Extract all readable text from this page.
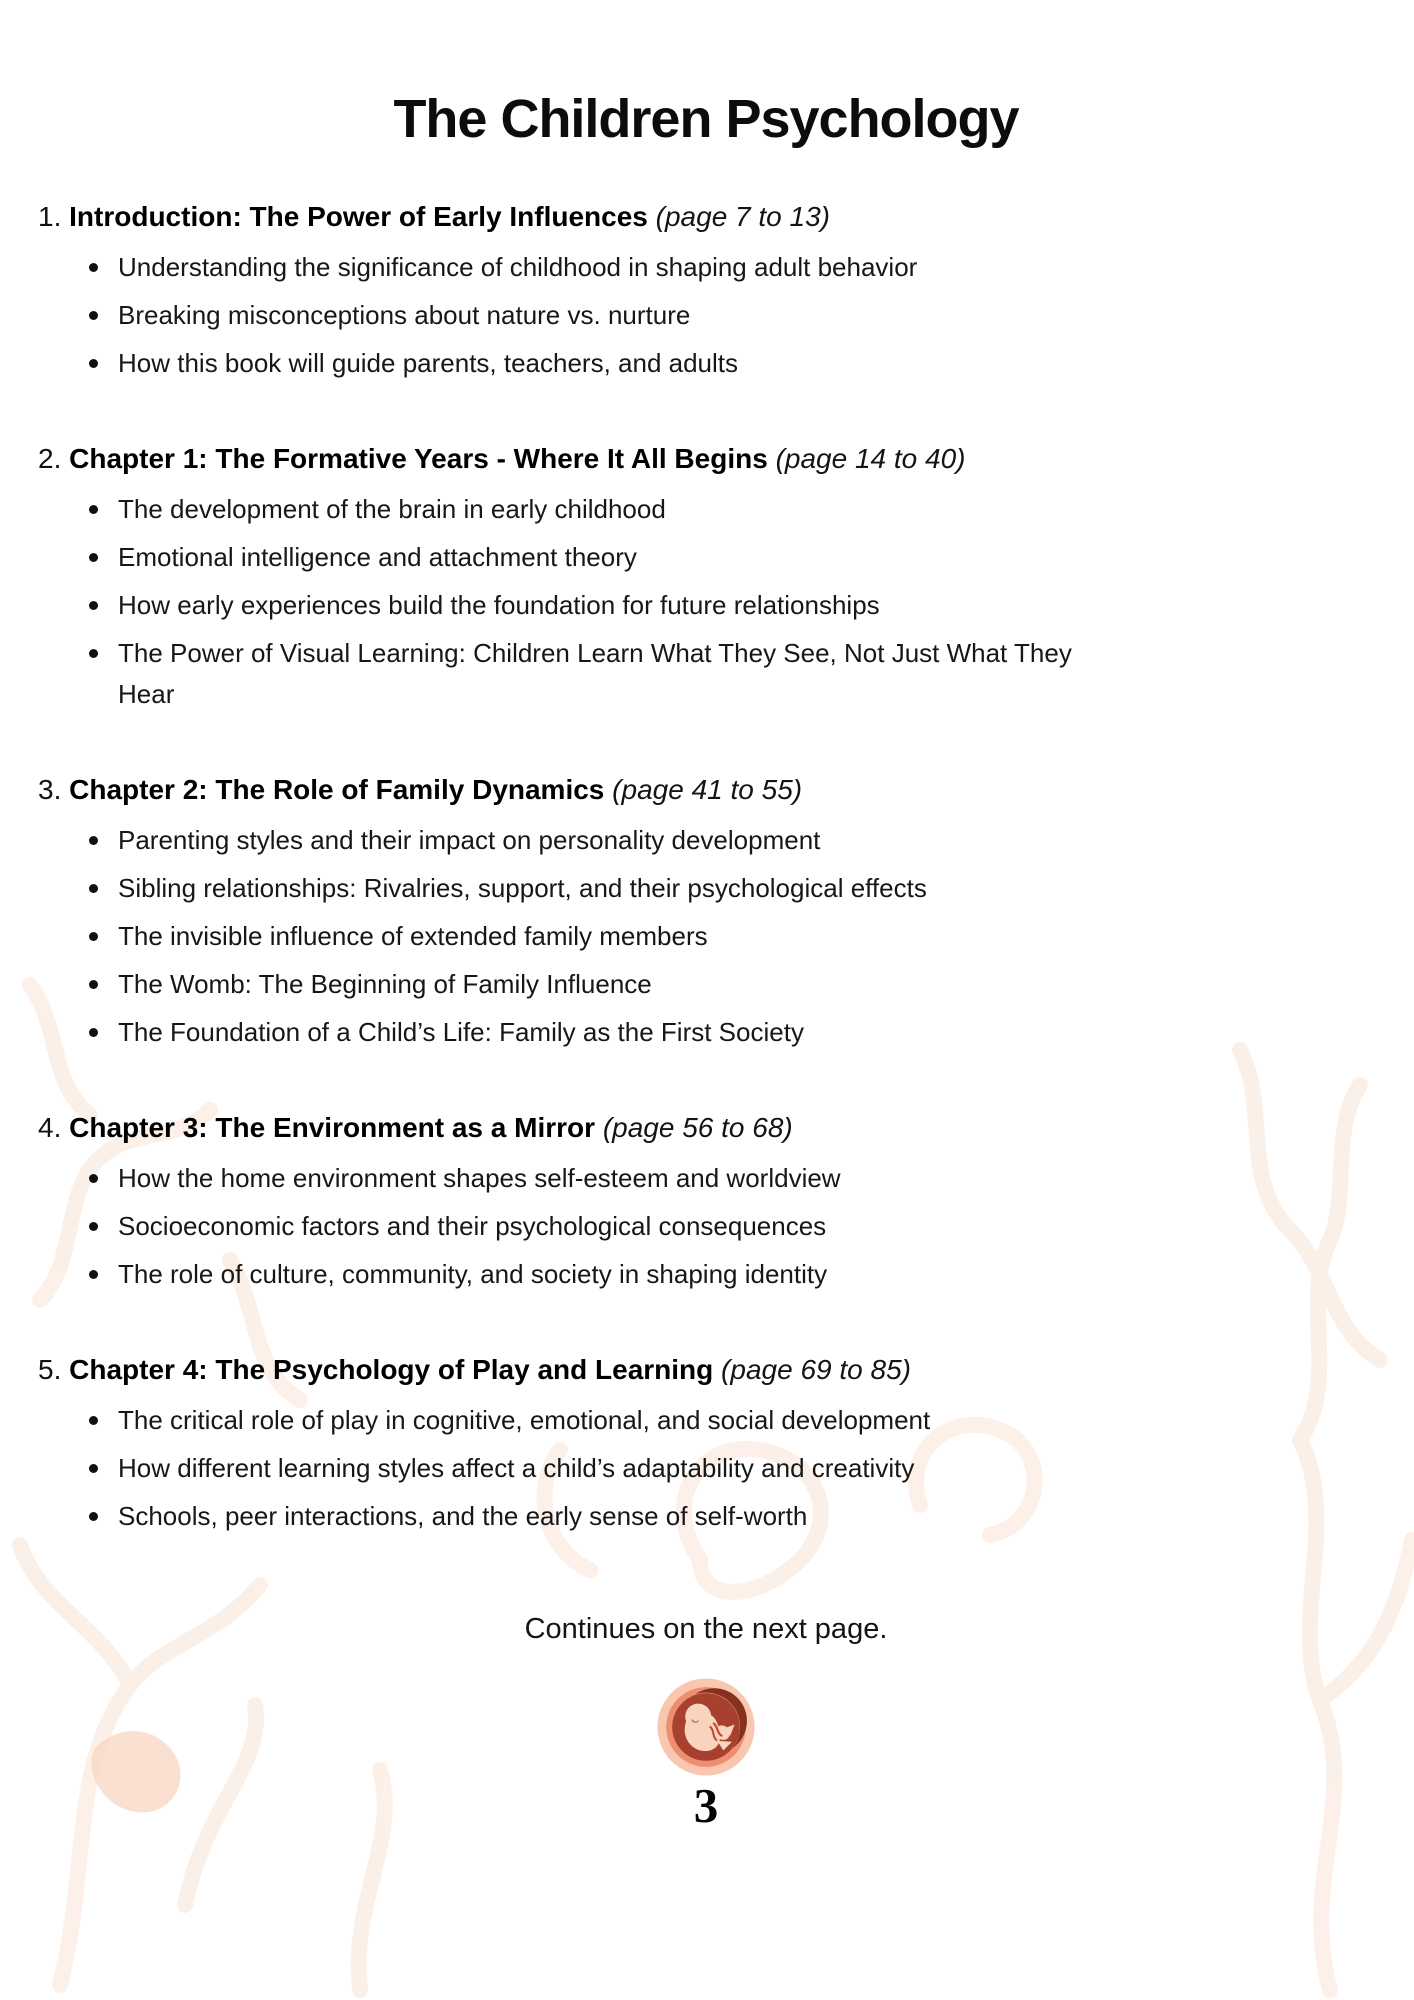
The Children Psychology

1. Introduction: The Power of Early Influences (page 7 to 13)

Understanding the significance of childhood in shaping adult behavior
Breaking misconceptions about nature vs. nurture
How this book will guide parents, teachers, and adults

2. Chapter 1: The Formative Years - Where It All Begins (page 14 to 40)

The development of the brain in early childhood
Emotional intelligence and attachment theory
How early experiences build the foundation for future relationships
The Power of Visual Learning: Children Learn What They See, Not Just What They Hear

3. Chapter 2: The Role of Family Dynamics (page 41 to 55)

Parenting styles and their impact on personality development
Sibling relationships: Rivalries, support, and their psychological effects
The invisible influence of extended family members
The Womb: The Beginning of Family Influence
The Foundation of a Child’s Life: Family as the First Society

4. Chapter 3: The Environment as a Mirror (page 56 to 68)

How the home environment shapes self-esteem and worldview
Socioeconomic factors and their psychological consequences
The role of culture, community, and society in shaping identity

5. Chapter 4: The Psychology of Play and Learning (page 69 to 85)

The critical role of play in cognitive, emotional, and social development
How different learning styles affect a child’s adaptability and creativity
Schools, peer interactions, and the early sense of self-worth

Continues on the next page.

3
